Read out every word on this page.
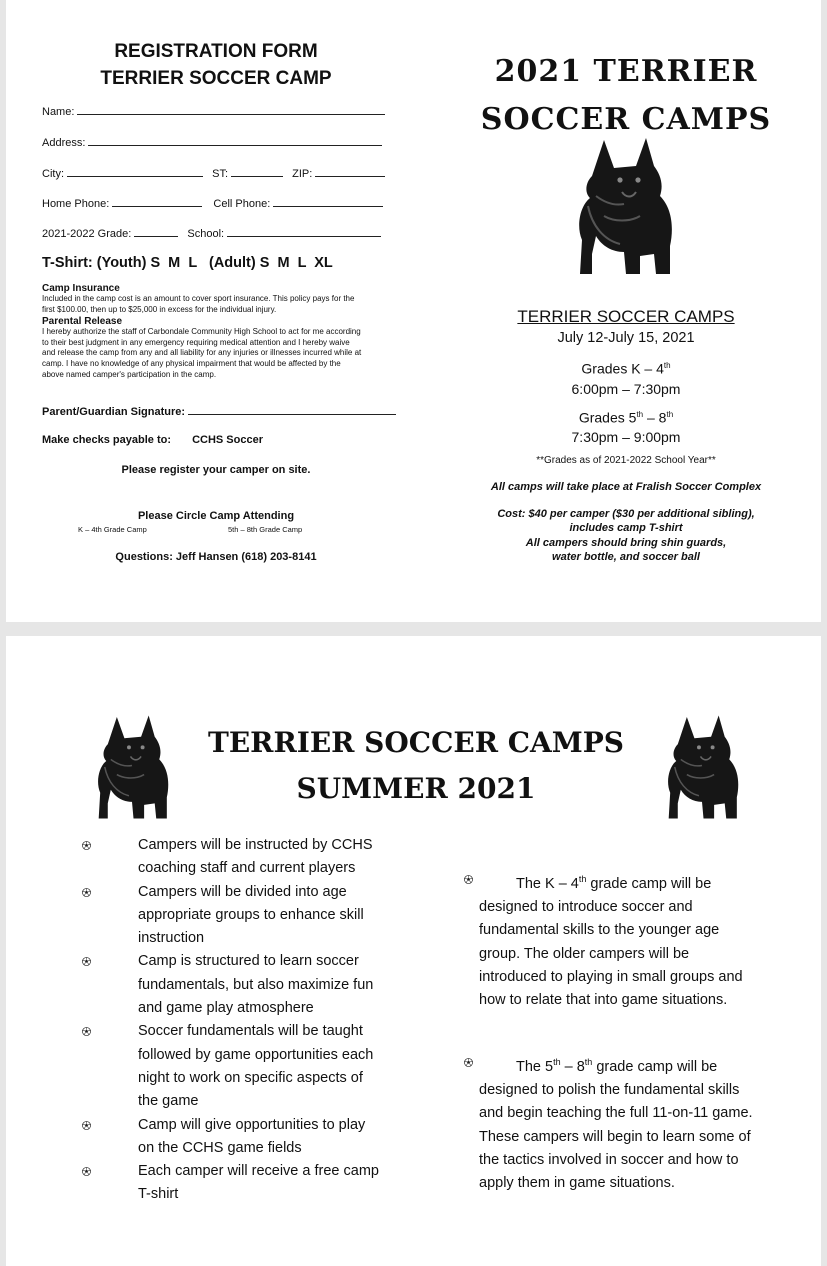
REGISTRATION FORM
TERRIER SOCCER CAMP
Name:
Address:
City:	ST:	ZIP:
Home Phone:	Cell Phone:
2021-2022 Grade:	School:
T-Shirt: (Youth) S  M  L   (Adult) S  M  L  XL
Camp Insurance
Included in the camp cost is an amount to cover sport insurance. This policy pays for the
first $100.00, then up to $25,000 in excess for the individual injury.
Parental Release
I hereby authorize the staff of Carbondale Community High School to act for me according
to their best judgment in any emergency requiring medical attention and I hereby waive
and release the camp from any and all liability for any injuries or illnesses incurred while at
camp. I have no knowledge of any physical impairment that would be affected by the
above named camper's participation in the camp.
Parent/Guardian Signature:
Make checks payable to: CCHS Soccer
Please register your camper on site.
Please Circle Camp Attending
K – 4th Grade Camp	5th – 8th Grade Camp
Questions: Jeff Hansen (618) 203-8141
2021 TERRIER
SOCCER CAMPS
TERRIER SOCCER CAMPS
July 12-July 15, 2021
Grades K – 4th
6:00pm – 7:30pm
Grades 5th – 8th
7:30pm – 9:00pm
**Grades as of 2021-2022 School Year**
All camps will take place at Fralish Soccer Complex
Cost: $40 per camper ($30 per additional sibling),
includes camp T-shirt
All campers should bring shin guards,
water bottle, and soccer ball
TERRIER SOCCER CAMPS
SUMMER 2021
Campers will be instructed by CCHS
coaching staff and current players
Campers will be divided into age
appropriate groups to enhance skill
instruction
Camp is structured to learn soccer
fundamentals, but also maximize fun
and game play atmosphere
Soccer fundamentals will be taught
followed by game opportunities each
night to work on specific aspects of
the game
Camp will give opportunities to play
on the CCHS game fields
Each camper will receive a free camp
T-shirt
The K – 4th grade camp will be
designed to introduce soccer and
fundamental skills to the younger age
group. The older campers will be
introduced to playing in small groups and
how to relate that into game situations.
The 5th – 8th grade camp will be
designed to polish the fundamental skills
and begin teaching the full 11-on-11 game.
These campers will begin to learn some of
the tactics involved in soccer and how to
apply them in game situations.
